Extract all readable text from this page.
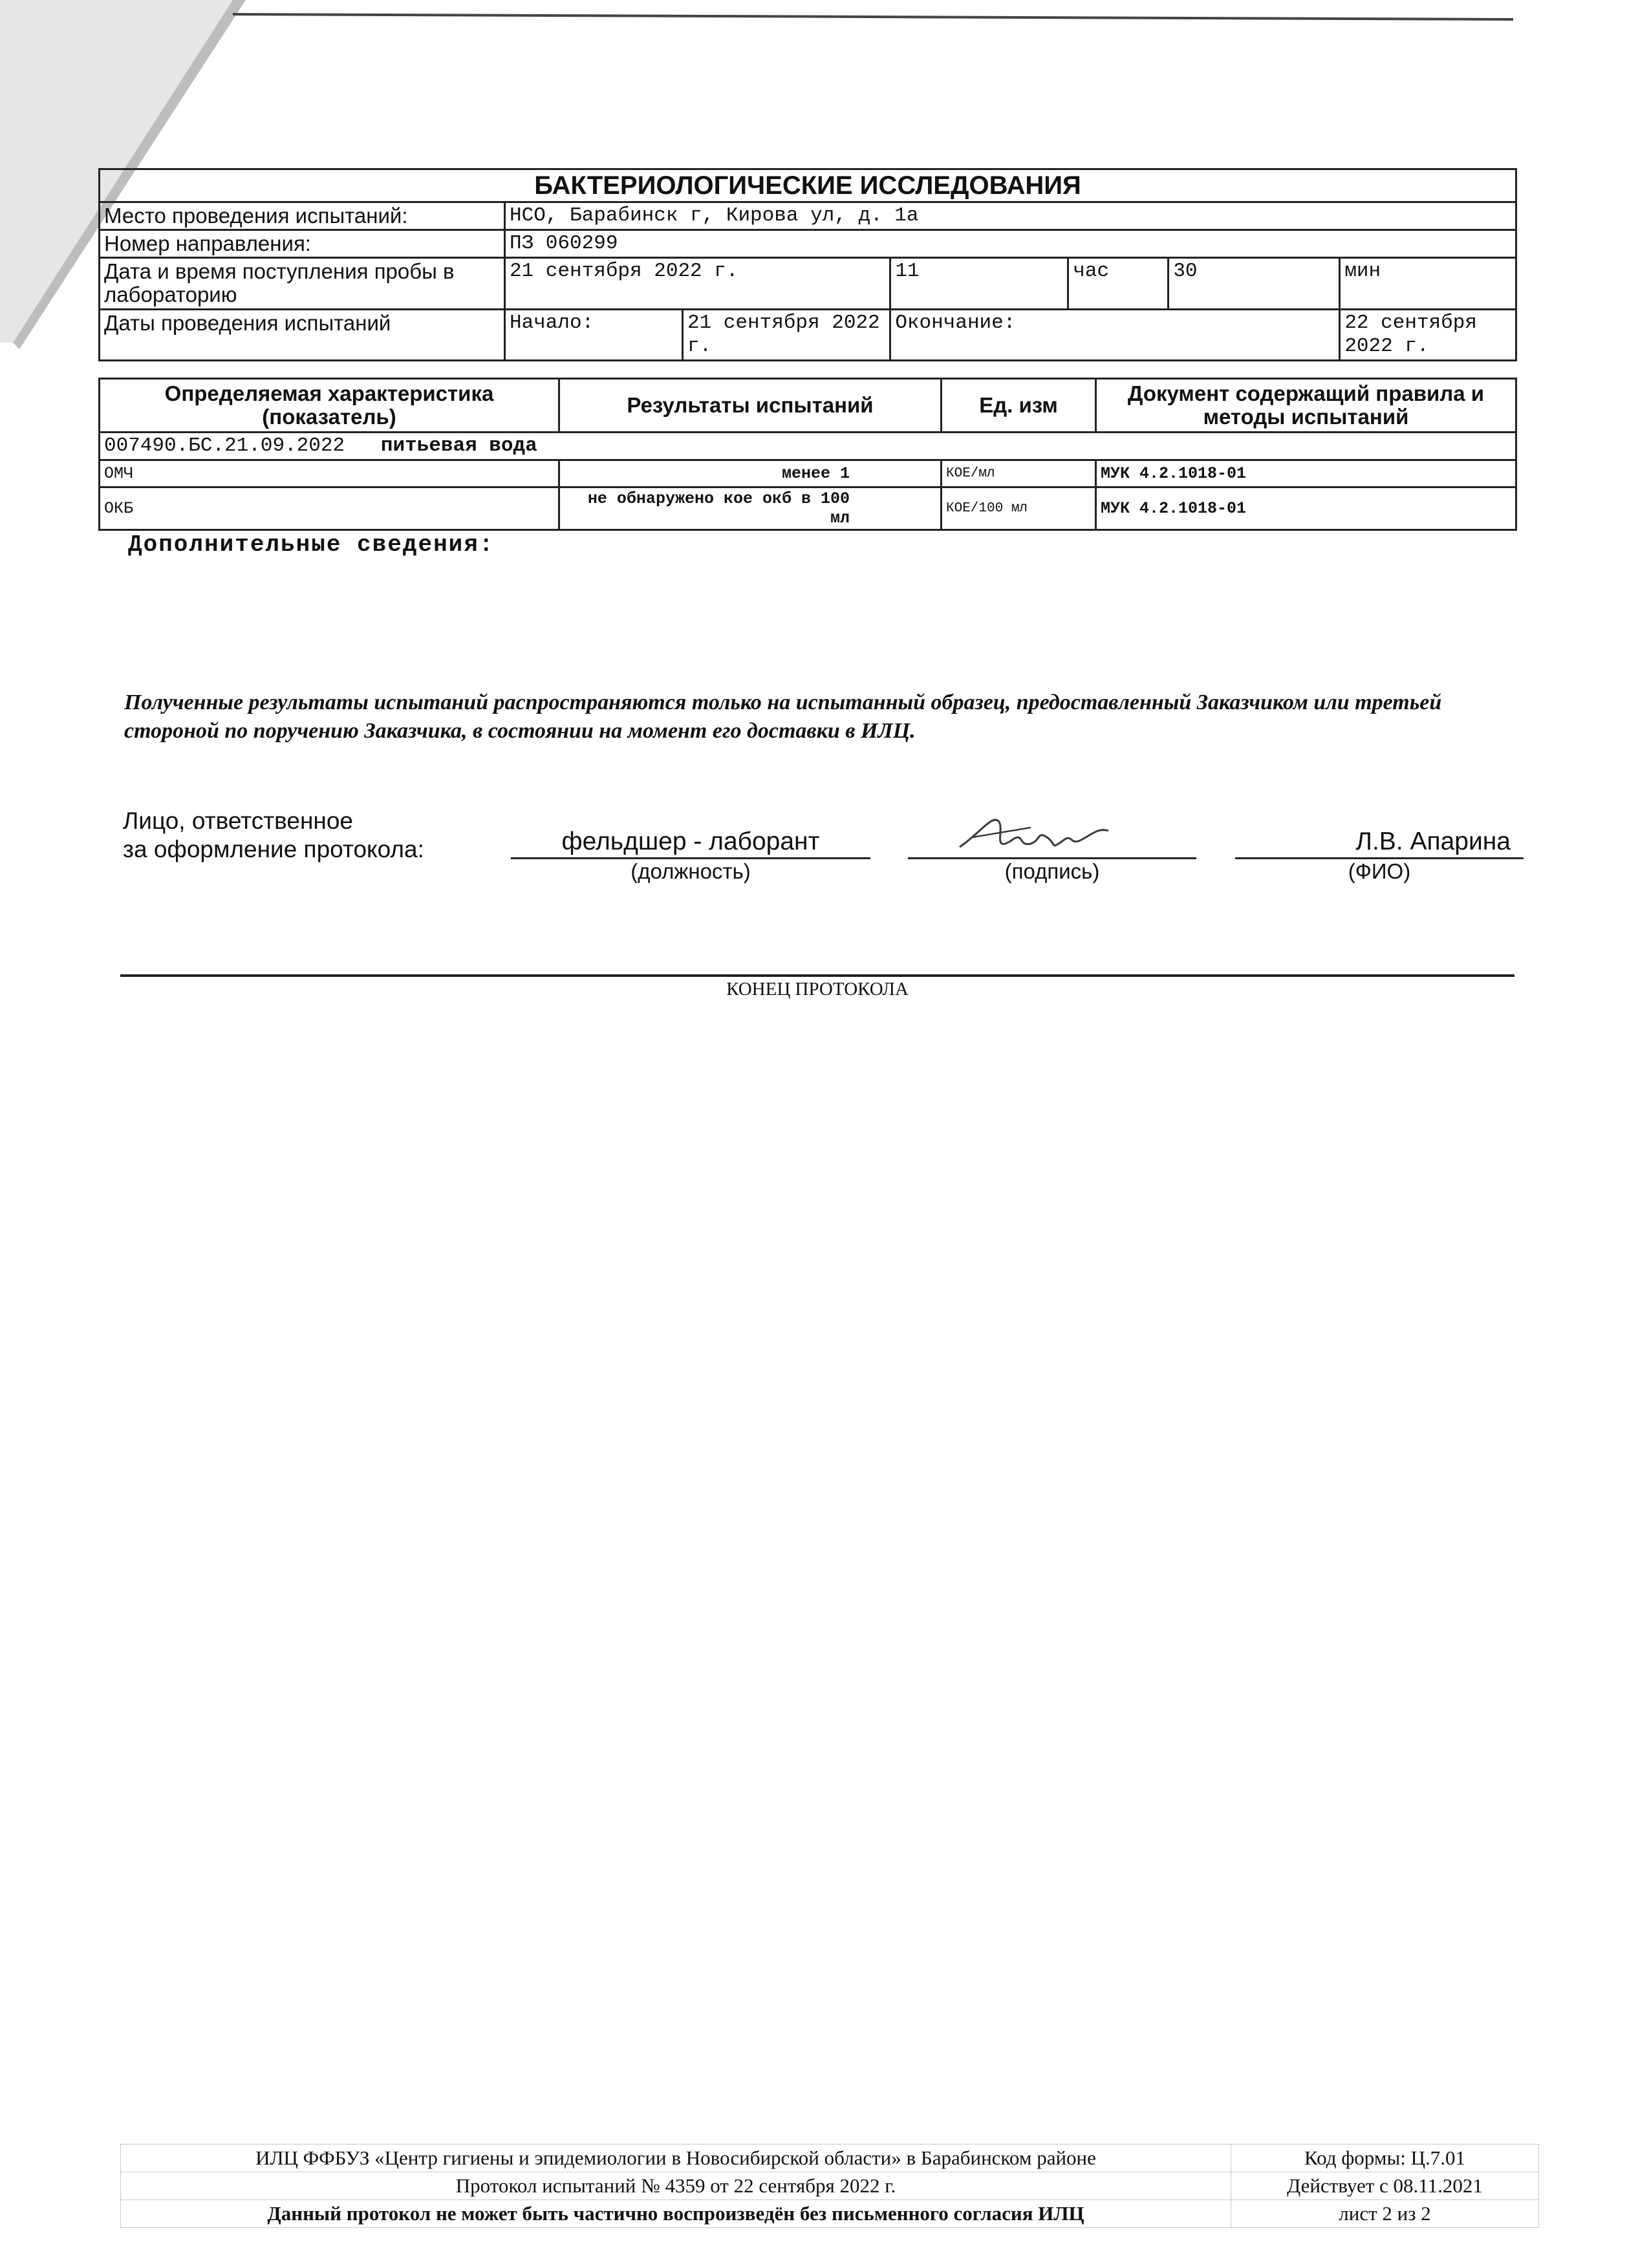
БАКТЕРИОЛОГИЧЕСКИЕ ИССЛЕДОВАНИЯ						
Место проведения испытаний:	НСО, Барабинск г, Кирова ул, д. 1а					
Номер направления:	ПЗ 060299					
Дата и время поступления пробы в лабораторию	21 сентября 2022 г.		11	час	30	мин
Даты проведения испытаний	Начало:	21 сентября 2022 г.	Окончание:			22 сентября 2022 г.
Определяемая характеристика (показатель)	Результаты испытаний	Ед. изм	Документ содержащий правила и методы испытаний
007490.БС.21.09.2022 питьевая вода			
ОМЧ	менее 1	КОЕ/мл	МУК 4.2.1018-01
ОКБ	не обнаружено кое окб в 100 мл	КОЕ/100 мл	МУК 4.2.1018-01
Дополнительные сведения:
Полученные результаты испытаний распространяются только на испытанный образец, предоставленный Заказчиком или третьей стороной по поручению Заказчика, в состоянии на момент его доставки в ИЛЦ.
Лицо, ответственное
за оформление протокола:	фельдшер - лаборант
(должность)	(подпись)
Л.В. Апарина
(ФИО)
КОНЕЦ ПРОТОКОЛА
ИЛЦ ФФБУЗ «Центр гигиены и эпидемиологии в Новосибирской области» в Барабинском районе	Код формы: Ц.7.01
Протокол испытаний № 4359 от 22 сентября 2022 г.	Действует с 08.11.2021
Данный протокол не может быть частично воспроизведён без письменного согласия ИЛЦ	лист 2 из 2
